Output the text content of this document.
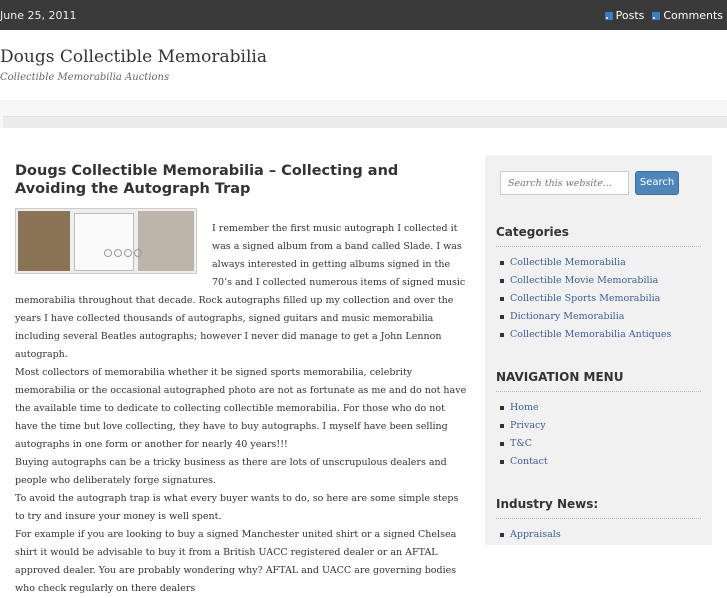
June 25, 2011	Posts Comments
Dougs Collectible Memorabilia
Collectible Memorabilia Auctions
Dougs Collectible Memorabilia – Collecting and Avoiding the Autograph Trap

I remember the first music autograph I collected it was a signed album from a band called Slade. I was always interested in getting albums signed in the 70’s and I collected numerous items of signed music memorabilia throughout that decade. Rock autographs filled up my collection and over the years I have collected thousands of autographs, signed guitars and music memorabilia including several Beatles autographs; however I never did manage to get a John Lennon autograph.

Most collectors of memorabilia whether it be signed sports memorabilia, celebrity memorabilia or the occasional autographed photo are not as fortunate as me and do not have the available time to dedicate to collecting collectible memorabilia. For those who do not have the time but love collecting, they have to buy autographs. I myself have been selling autographs in one form or another for nearly 40 years!!!

Buying autographs can be a tricky business as there are lots of unscrupulous dealers and people who deliberately forge signatures.

To avoid the autograph trap is what every buyer wants to do, so here are some simple steps to try and insure your money is well spent.

For example if you are looking to buy a signed Manchester united shirt or a signed Chelsea shirt it would be advisable to buy it from a British UACC registered dealer or an AFTAL approved dealer. You are probably wondering why? AFTAL and UACC are governing bodies who check regularly on there dealers

Search this website...
Search
Categories
Collectible Memorabilia
Collectible Movie Memorabilia
Collectible Sports Memorabilia
Dictionary Memorabilia
Collectible Memorabilia Antiques
NAVIGATION MENU
Home
Privacy
T&C
Contact
Industry News:
Appraisals
